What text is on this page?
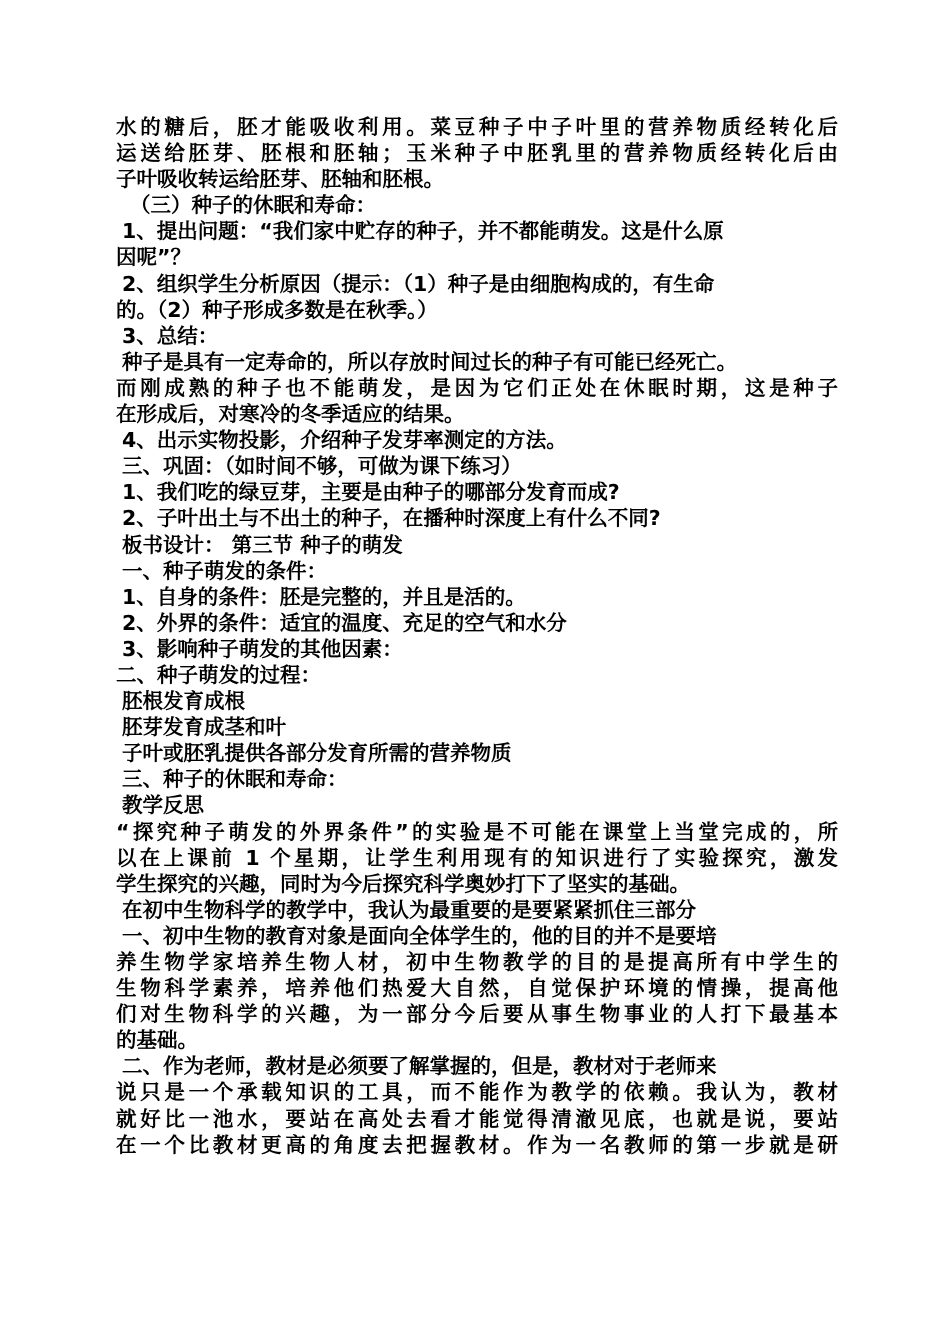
水的糖后，胚才能吸收利用。菜豆种子中子叶里的营养物质经转化后
运送给胚芽、胚根和胚轴；玉米种子中胚乳里的营养物质经转化后由
子叶吸收转运给胚芽、胚轴和胚根。
（三）种子的休眠和寿命：
1、提出问题：“我们家中贮存的种子，并不都能萌发。这是什么原
因呢”？
2、组织学生分析原因（提示：（1）种子是由细胞构成的，有生命
的。（2）种子形成多数是在秋季。）
3、总结：
种子是具有一定寿命的，所以存放时间过长的种子有可能已经死亡。
而刚成熟的种子也不能萌发，是因为它们正处在休眠时期，这是种子
在形成后，对寒冷的冬季适应的结果。
4、出示实物投影，介绍种子发芽率测定的方法。
三、巩固：（如时间不够，可做为课下练习）
1、我们吃的绿豆芽，主要是由种子的哪部分发育而成?
2、子叶出土与不出土的种子，在播种时深度上有什么不同?
板书设计： 第三节 种子的萌发
一、种子萌发的条件：
1、自身的条件：胚是完整的，并且是活的。
2、外界的条件：适宜的温度、充足的空气和水分
3、影响种子萌发的其他因素：
二、种子萌发的过程：
胚根发育成根
胚芽发育成茎和叶
子叶或胚乳提供各部分发育所需的营养物质
三、种子的休眠和寿命：
教学反思
“探究种子萌发的外界条件”的实验是不可能在课堂上当堂完成的，所
以在上课前 1 个星期，让学生利用现有的知识进行了实验探究，激发
学生探究的兴趣，同时为今后探究科学奥妙打下了坚实的基础。
在初中生物科学的教学中，我认为最重要的是要紧紧抓住三部分
一、初中生物的教育对象是面向全体学生的，他的目的并不是要培
养生物学家培养生物人材，初中生物教学的目的是提高所有中学生的
生物科学素养，培养他们热爱大自然，自觉保护环境的情操，提高他
们对生物科学的兴趣，为一部分今后要从事生物事业的人打下最基本
的基础。
二、作为老师，教材是必须要了解掌握的，但是，教材对于老师来
说只是一个承载知识的工具，而不能作为教学的依赖。我认为，教材
就好比一池水，要站在高处去看才能觉得清澈见底，也就是说，要站
在一个比教材更高的角度去把握教材。作为一名教师的第一步就是研
